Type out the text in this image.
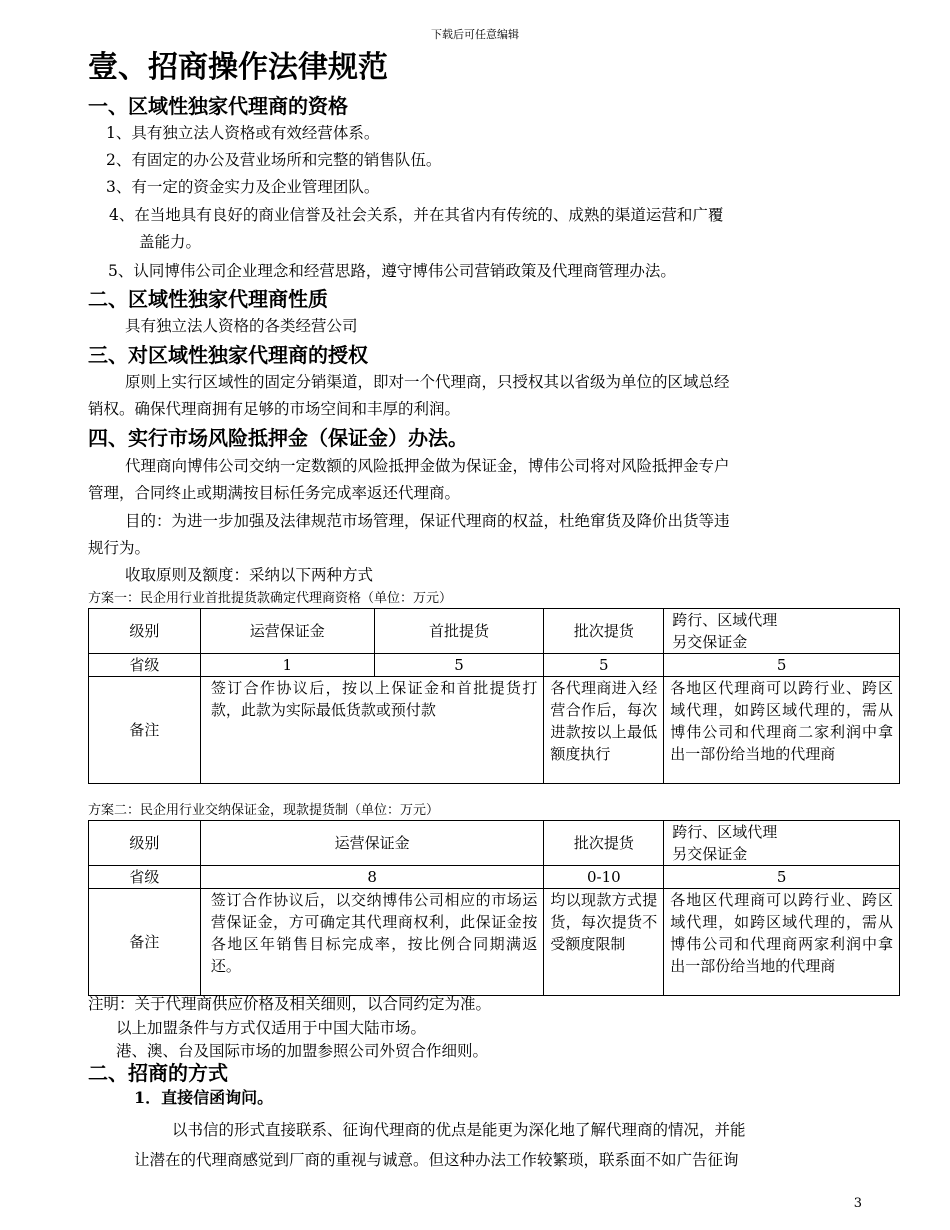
下载后可任意编辑
壹、招商操作法律规范
一、区域性独家代理商的资格
1、具有独立法人资格或有效经营体系。
2、有固定的办公及营业场所和完整的销售队伍。
3、有一定的资金实力及企业管理团队。
4、在当地具有良好的商业信誉及社会关系，并在其省内有传统的、成熟的渠道运营和广覆
盖能力。
5、认同博伟公司企业理念和经营思路，遵守博伟公司营销政策及代理商管理办法。
二、区域性独家代理商性质
具有独立法人资格的各类经营公司
三、对区域性独家代理商的授权
原则上实行区域性的固定分销渠道，即对一个代理商，只授权其以省级为单位的区域总经
销权。确保代理商拥有足够的市场空间和丰厚的利润。
四、实行市场风险抵押金（保证金）办法。
代理商向博伟公司交纳一定数额的风险抵押金做为保证金，博伟公司将对风险抵押金专户
管理，合同终止或期满按目标任务完成率返还代理商。
目的：为进一步加强及法律规范市场管理，保证代理商的权益，杜绝窜货及降价出货等违
规行为。
收取原则及额度：采纳以下两种方式
方案一：民企用行业首批提货款确定代理商资格（单位：万元）
级别	运营保证金	首批提货	批次提货	跨行、区域代理
另交保证金
省级	1	5	5	5
备注	签订合作协议后，按以上保证金和首批提货打款，此款为实际最低货款或预付款		各代理商进入经营合作后，每次进款按以上最低额度执行	各地区代理商可以跨行业、跨区域代理，如跨区域代理的，需从博伟公司和代理商二家利润中拿出一部份给当地的代理商
方案二：民企用行业交纳保证金，现款提货制（单位：万元）
级别	运营保证金	批次提货	跨行、区域代理
另交保证金
省级	8	0-10	5
备注	签订合作协议后，以交纳博伟公司相应的市场运营保证金，方可确定其代理商权利，此保证金按各地区年销售目标完成率，按比例合同期满返还。	均以现款方式提货，每次提货不受额度限制	各地区代理商可以跨行业、跨区域代理，如跨区域代理的，需从博伟公司和代理商两家利润中拿出一部份给当地的代理商
注明：关于代理商供应价格及相关细则，以合同约定为准。
以上加盟条件与方式仅适用于中国大陆市场。
港、澳、台及国际市场的加盟参照公司外贸合作细则。
二、招商的方式
1．直接信函询问。
以书信的形式直接联系、征询代理商的优点是能更为深化地了解代理商的情况，并能
让潜在的代理商感觉到厂商的重视与诚意。但这种办法工作较繁琐，联系面不如广告征询
3
